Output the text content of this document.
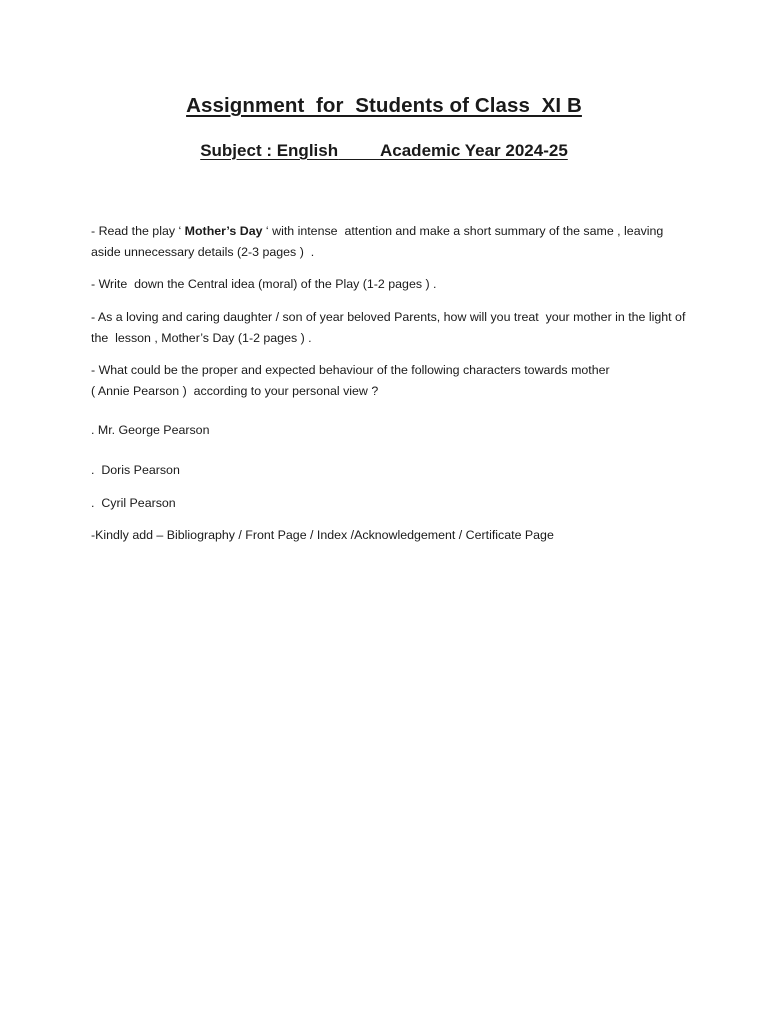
Assignment  for  Students of Class  XI B
Subject : English Academic Year 2024-25
- Read the play ‘ Mother’s Day ‘ with intense  attention and make a short summary of the same , leaving aside unnecessary details (2-3 pages )  .
- Write  down the Central idea (moral) of the Play (1-2 pages ) .
- As a loving and caring daughter / son of year beloved Parents, how will you treat  your mother in the light of the  lesson , Mother’s Day (1-2 pages ) .
- What could be the proper and expected behaviour of the following characters towards mother
( Annie Pearson )  according to your personal view ?
. Mr. George Pearson
.  Doris Pearson
.  Cyril Pearson
-Kindly add – Bibliography / Front Page / Index /Acknowledgement / Certificate Page
